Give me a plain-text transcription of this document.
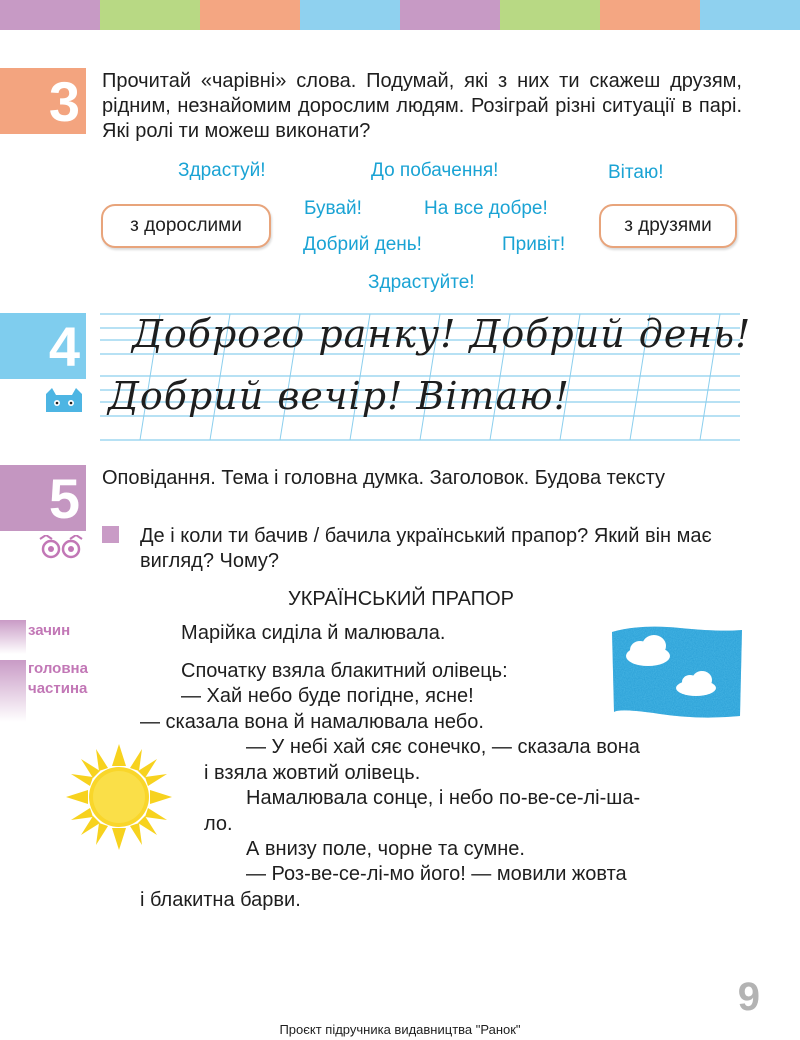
3	Прочитай «чарівні» слова. Подумай, які з них ти скажеш друзям, рідним, незнайомим дорослим людям. Розіграй різні ситуації в парі. Які ролі ти можеш виконати?

Здрастуй!	До побачення!	Вітаю!
Бувай!	На все добре!
Добрий день!	Привіт!
Здрастуйте!
з дорослими	з друзями
4 Доброго ранку! Добрий день!
Добрий вечір! Вітаю!
5	Оповідання. Тема і головна думка. Заголовок. Будова тексту

Де і коли ти бачив / бачила український прапор? Який він має вигляд? Чому?

УКРАЇНСЬКИЙ ПРАПОР
зачин
головна
частина
Марійка сиділа й малювала.
Спочатку взяла блакитний олівець:
— Хай небо буде погідне, ясне!
— сказала вона й намалювала небо.
— У небі хай сяє сонечко, — сказала вона
і взяла жовтий олівець.
Намалювала сонце, і небо по-ве-се-лі-ша-
ло.
А внизу поле, чорне та сумне.
— Роз-ве-се-лі-мо його! — мовили жовта
і блакитна барви.
9
Проєкт підручника видавництва "Ранок"
